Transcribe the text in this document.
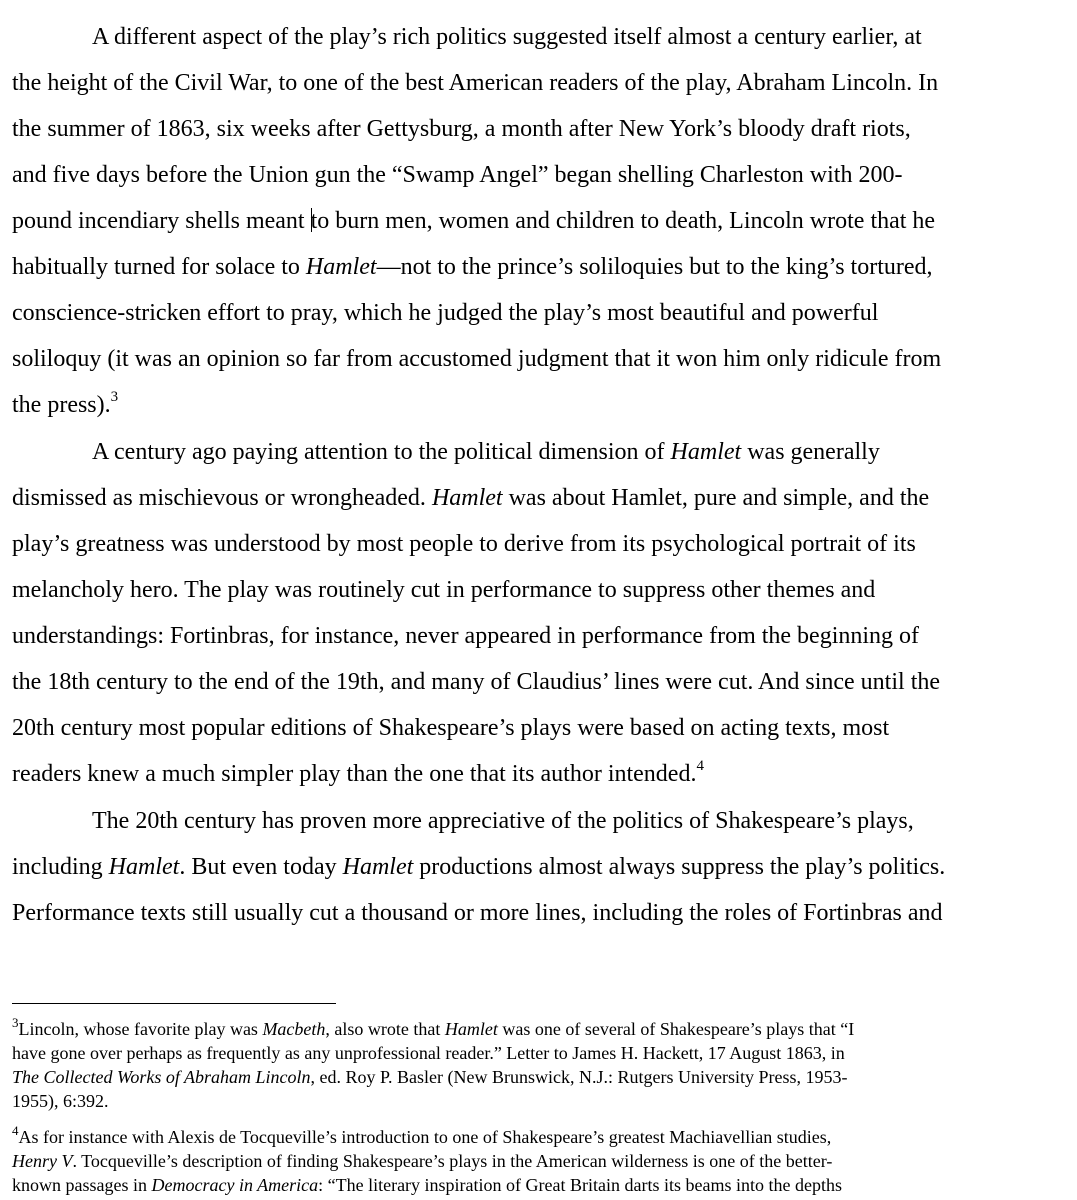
A different aspect of the play’s rich politics suggested itself almost a century earlier, at
the height of the Civil War, to one of the best American readers of the play, Abraham Lincoln. In
the summer of 1863, six weeks after Gettysburg, a month after New York’s bloody draft riots,
and five days before the Union gun the “Swamp Angel” began shelling Charleston with 200-
pound incendiary shells meant to burn men, women and children to death, Lincoln wrote that he
habitually turned for solace to Hamlet—not to the prince’s soliloquies but to the king’s tortured,
conscience-stricken effort to pray, which he judged the play’s most beautiful and powerful
soliloquy (it was an opinion so far from accustomed judgment that it won him only ridicule from
the press).$^3$
A century ago paying attention to the political dimension of Hamlet was generally
dismissed as mischievous or wrongheaded. Hamlet was about Hamlet, pure and simple, and the
play’s greatness was understood by most people to derive from its psychological portrait of its
melancholy hero. The play was routinely cut in performance to suppress other themes and
understandings: Fortinbras, for instance, never appeared in performance from the beginning of
the 18th century to the end of the 19th, and many of Claudius’ lines were cut. And since until the
20th century most popular editions of Shakespeare’s plays were based on acting texts, most
readers knew a much simpler play than the one that its author intended.$^4$
The 20th century has proven more appreciative of the politics of Shakespeare’s plays,
including Hamlet. But even today Hamlet productions almost always suppress the play’s politics.
Performance texts still usually cut a thousand or more lines, including the roles of Fortinbras and
$^3$Lincoln, whose favorite play was Macbeth, also wrote that Hamlet was one of several of Shakespeare’s plays that “I
have gone over perhaps as frequently as any unprofessional reader.” Letter to James H. Hackett, 17 August 1863, in
The Collected Works of Abraham Lincoln, ed. Roy P. Basler (New Brunswick, N.J.: Rutgers University Press, 1953-
1955), 6:392.
$^4$As for instance with Alexis de Tocqueville’s introduction to one of Shakespeare’s greatest Machiavellian studies,
Henry V. Tocqueville’s description of finding Shakespeare’s plays in the American wilderness is one of the better-
known passages in Democracy in America: “The literary inspiration of Great Britain darts its beams into the depths
